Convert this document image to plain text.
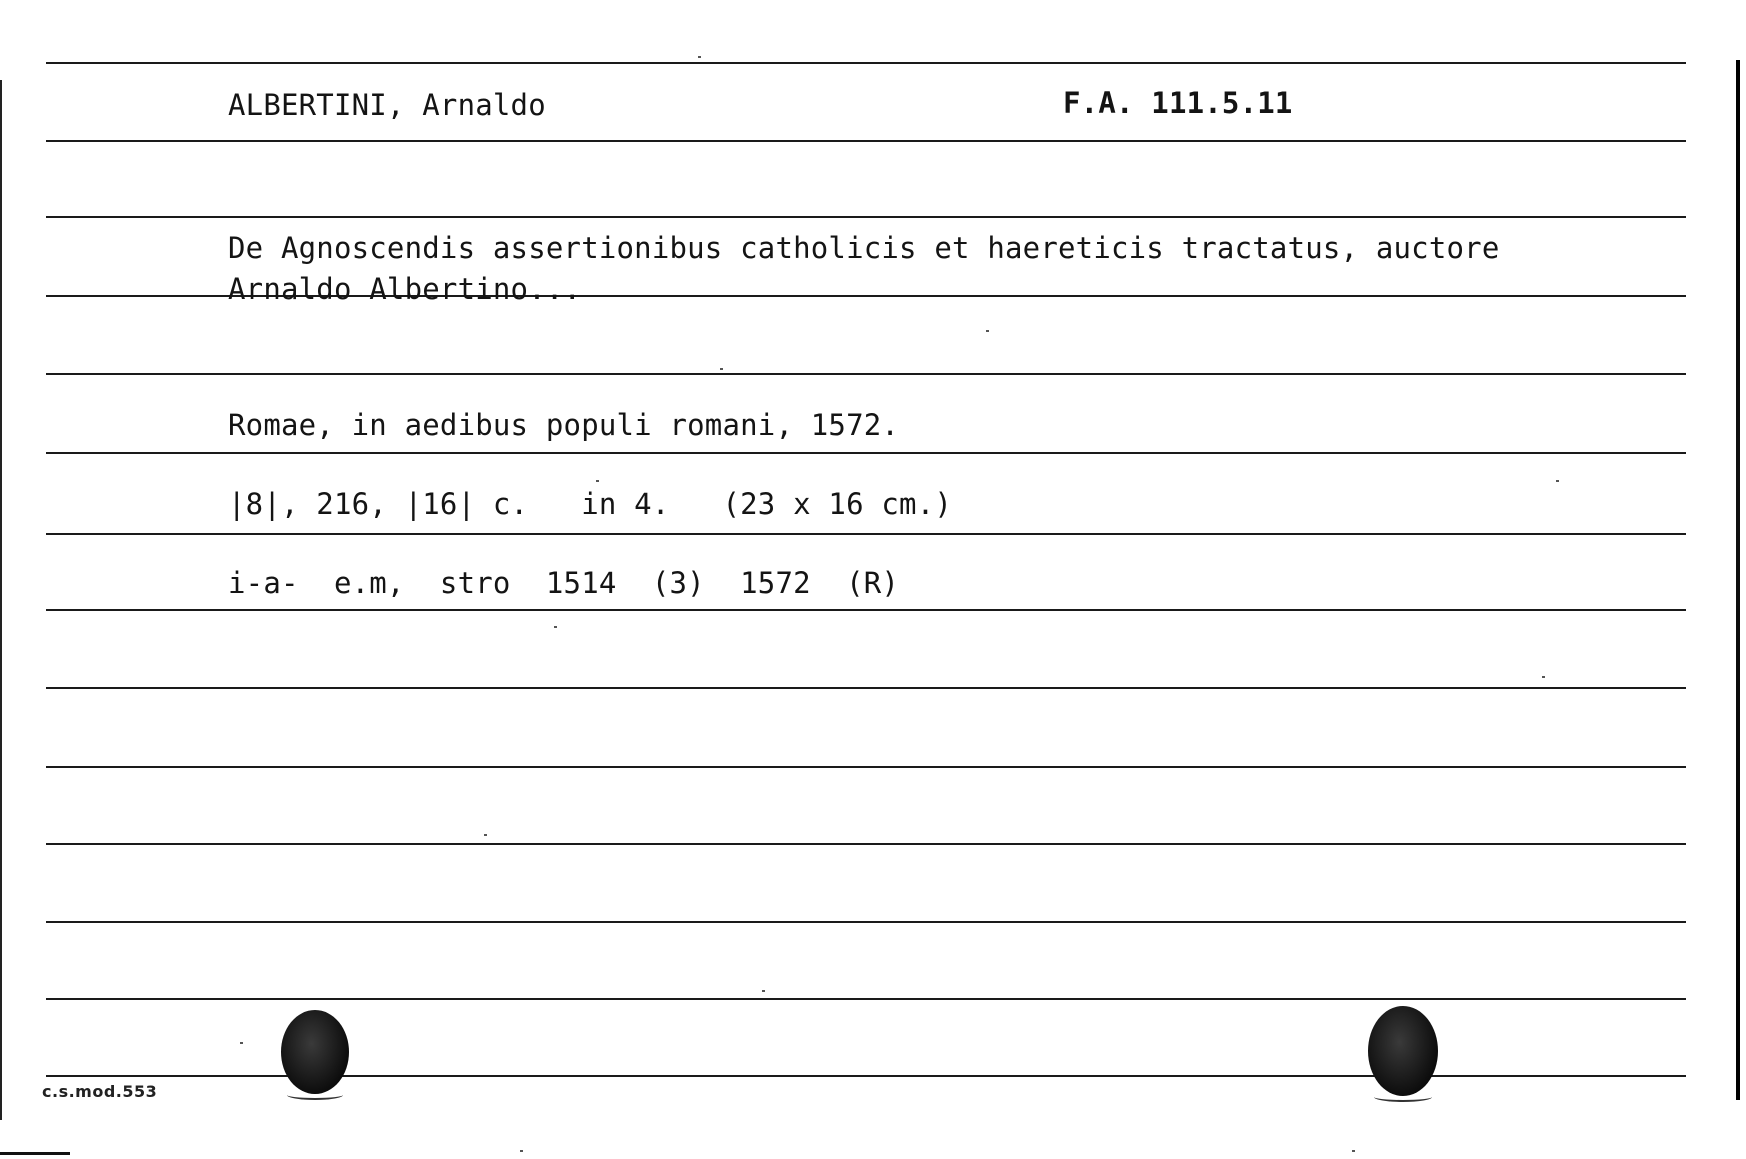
ALBERTINI, Arnaldo	F.A. 111.5.11
De Agnoscendis assertionibus catholicis et haereticis tractatus, auctore
Arnaldo Albertino...
Romae, in aedibus populi romani, 1572.
|8|, 216, |16| c.   in 4.   (23 x 16 cm.)
i-a-  e.m,  stro  1514  (3)  1572  (R)
c.s.mod.553
